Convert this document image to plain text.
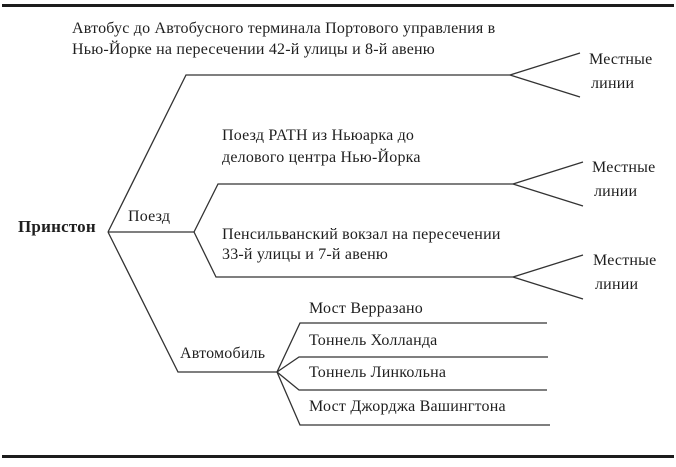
Принстон
Автобус до Автобусного терминала Портового управления в
Нью-Йорке на пересечении 42-й улицы и 8-й авеню
Местные
линии
Поезд
Поезд PATH из Ньюарка до
делового центра Нью-Йорка
Местные
линии
Пенсильванский вокзал на пересечении
33-й улицы и 7-й авеню	Местные
линии
Автомобиль
Мост Верразано
Тоннель Холланда
Тоннель Линкольна
Мост Джорджа Вашингтона
